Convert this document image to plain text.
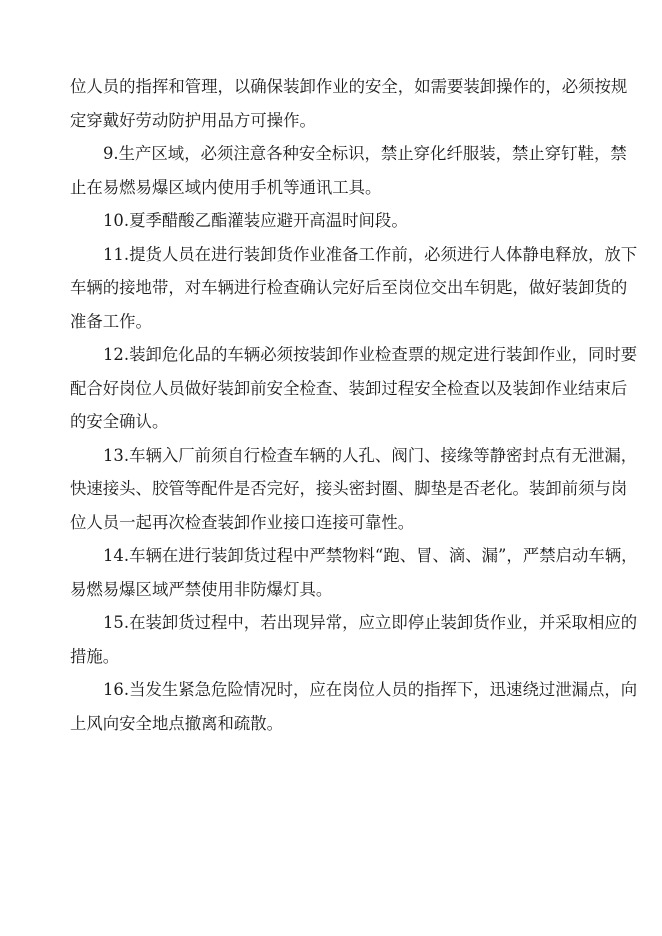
位人员的指挥和管理，以确保装卸作业的安全，如需要装卸操作的，必须按规
定穿戴好劳动防护用品方可操作。
9.生产区域，必须注意各种安全标识，禁止穿化纤服装，禁止穿钉鞋，禁
止在易燃易爆区域内使用手机等通讯工具。
10.夏季醋酸乙酯灌装应避开高温时间段。
11.提货人员在进行装卸货作业准备工作前，必须进行人体静电释放，放下
车辆的接地带，对车辆进行检查确认完好后至岗位交出车钥匙，做好装卸货的
准备工作。
12.装卸危化品的车辆必须按装卸作业检查票的规定进行装卸作业，同时要
配合好岗位人员做好装卸前安全检查、装卸过程安全检查以及装卸作业结束后
的安全确认。
13.车辆入厂前须自行检查车辆的人孔、阀门、接缘等静密封点有无泄漏，
快速接头、胶管等配件是否完好，接头密封圈、脚垫是否老化。装卸前须与岗
位人员一起再次检查装卸作业接口连接可靠性。
14.车辆在进行装卸货过程中严禁物料“跑、冒、滴、漏”，严禁启动车辆，
易燃易爆区域严禁使用非防爆灯具。
15.在装卸货过程中，若出现异常，应立即停止装卸货作业，并采取相应的
措施。
16.当发生紧急危险情况时，应在岗位人员的指挥下，迅速绕过泄漏点，向
上风向安全地点撤离和疏散。
